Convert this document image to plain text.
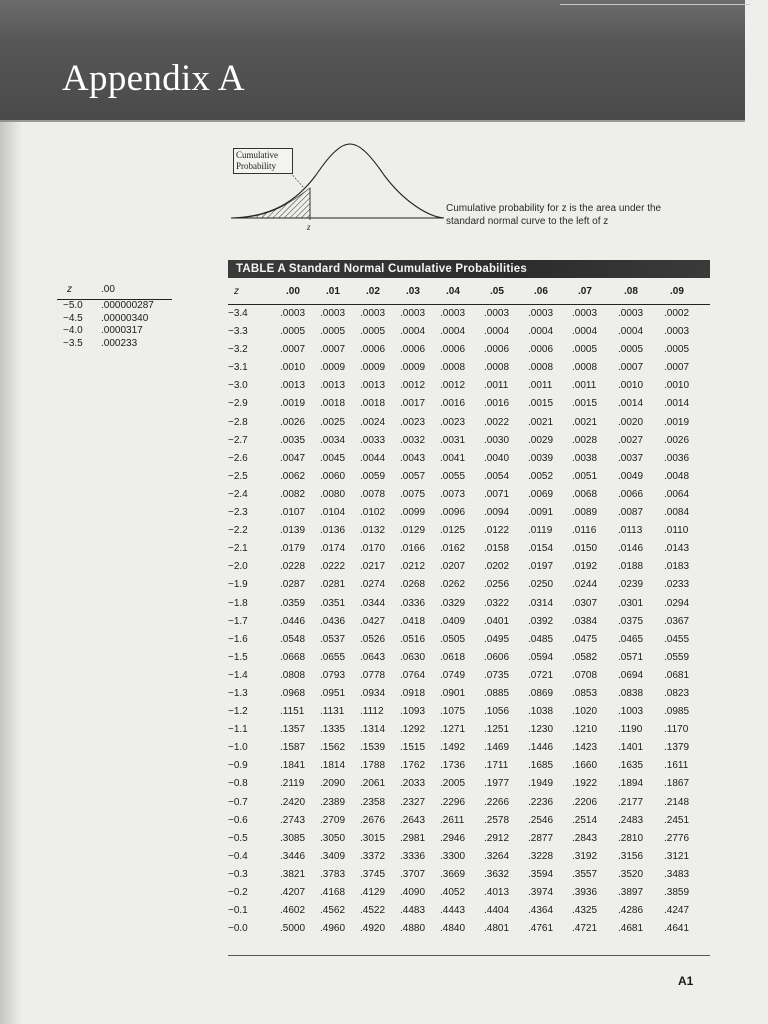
Appendix A
Cumulative
Probability
z
Cumulative probability for z is the area under the
standard normal curve to the left of z
z	.00
−5.0 .000000287
−4.5 .00000340
−4.0 .0000317
−3.5 .000233
TABLE A Standard Normal Cumulative Probabilities
z	.00	.01	.02	.03	.04	.05	.06	.07	.08	.09
−3.4	.0003 .0003 .0003 .0003 .0003 .0003 .0003 .0003 .0003 .0002
−3.3	.0005 .0005 .0005 .0004 .0004 .0004 .0004 .0004 .0004 .0003
−3.2	.0007 .0007 .0006 .0006 .0006 .0006 .0006 .0005 .0005 .0005
−3.1	.0010 .0009 .0009 .0009 .0008 .0008 .0008 .0008 .0007 .0007
−3.0	.0013 .0013 .0013 .0012 .0012 .0011 .0011 .0011 .0010 .0010
−2.9	.0019 .0018 .0018 .0017 .0016 .0016 .0015 .0015 .0014 .0014
−2.8	.0026 .0025 .0024 .0023 .0023 .0022 .0021 .0021 .0020 .0019
−2.7	.0035 .0034 .0033 .0032 .0031 .0030 .0029 .0028 .0027 .0026
−2.6	.0047 .0045 .0044 .0043 .0041 .0040 .0039 .0038 .0037 .0036
−2.5	.0062 .0060 .0059 .0057 .0055 .0054 .0052 .0051 .0049 .0048
−2.4	.0082 .0080 .0078 .0075 .0073 .0071 .0069 .0068 .0066 .0064
−2.3	.0107 .0104 .0102 .0099 .0096 .0094 .0091 .0089 .0087 .0084
−2.2	.0139 .0136 .0132 .0129 .0125 .0122 .0119 .0116 .0113 .0110
−2.1	.0179 .0174 .0170 .0166 .0162 .0158 .0154 .0150 .0146 .0143
−2.0	.0228 .0222 .0217 .0212 .0207 .0202 .0197 .0192 .0188 .0183
−1.9	.0287 .0281 .0274 .0268 .0262 .0256 .0250 .0244 .0239 .0233
−1.8	.0359 .0351 .0344 .0336 .0329 .0322 .0314 .0307 .0301 .0294
−1.7	.0446 .0436 .0427 .0418 .0409 .0401 .0392 .0384 .0375 .0367
−1.6	.0548 .0537 .0526 .0516 .0505 .0495 .0485 .0475 .0465 .0455
−1.5	.0668 .0655 .0643 .0630 .0618 .0606 .0594 .0582 .0571 .0559
−1.4	.0808 .0793 .0778 .0764 .0749 .0735 .0721 .0708 .0694 .0681
−1.3	.0968 .0951 .0934 .0918 .0901 .0885 .0869 .0853 .0838 .0823
−1.2	.1151 .1131 .1112 .1093 .1075 .1056 .1038 .1020 .1003 .0985
−1.1	.1357 .1335 .1314 .1292 .1271 .1251 .1230 .1210 .1190 .1170
−1.0	.1587 .1562 .1539 .1515 .1492 .1469 .1446 .1423 .1401 .1379
−0.9	.1841 .1814 .1788 .1762 .1736 .1711 .1685 .1660 .1635 .1611
−0.8	.2119 .2090 .2061 .2033 .2005 .1977 .1949 .1922 .1894 .1867
−0.7	.2420 .2389 .2358 .2327 .2296 .2266 .2236 .2206 .2177 .2148
−0.6	.2743 .2709 .2676 .2643 .2611 .2578 .2546 .2514 .2483 .2451
−0.5	.3085 .3050 .3015 .2981 .2946 .2912 .2877 .2843 .2810 .2776
−0.4	.3446 .3409 .3372 .3336 .3300 .3264 .3228 .3192 .3156 .3121
−0.3	.3821 .3783 .3745 .3707 .3669 .3632 .3594 .3557 .3520 .3483
−0.2	.4207 .4168 .4129 .4090 .4052 .4013 .3974 .3936 .3897 .3859
−0.1	.4602 .4562 .4522 .4483 .4443 .4404 .4364 .4325 .4286 .4247
−0.0	.5000 .4960 .4920 .4880 .4840 .4801 .4761 .4721 .4681 .4641
A1
